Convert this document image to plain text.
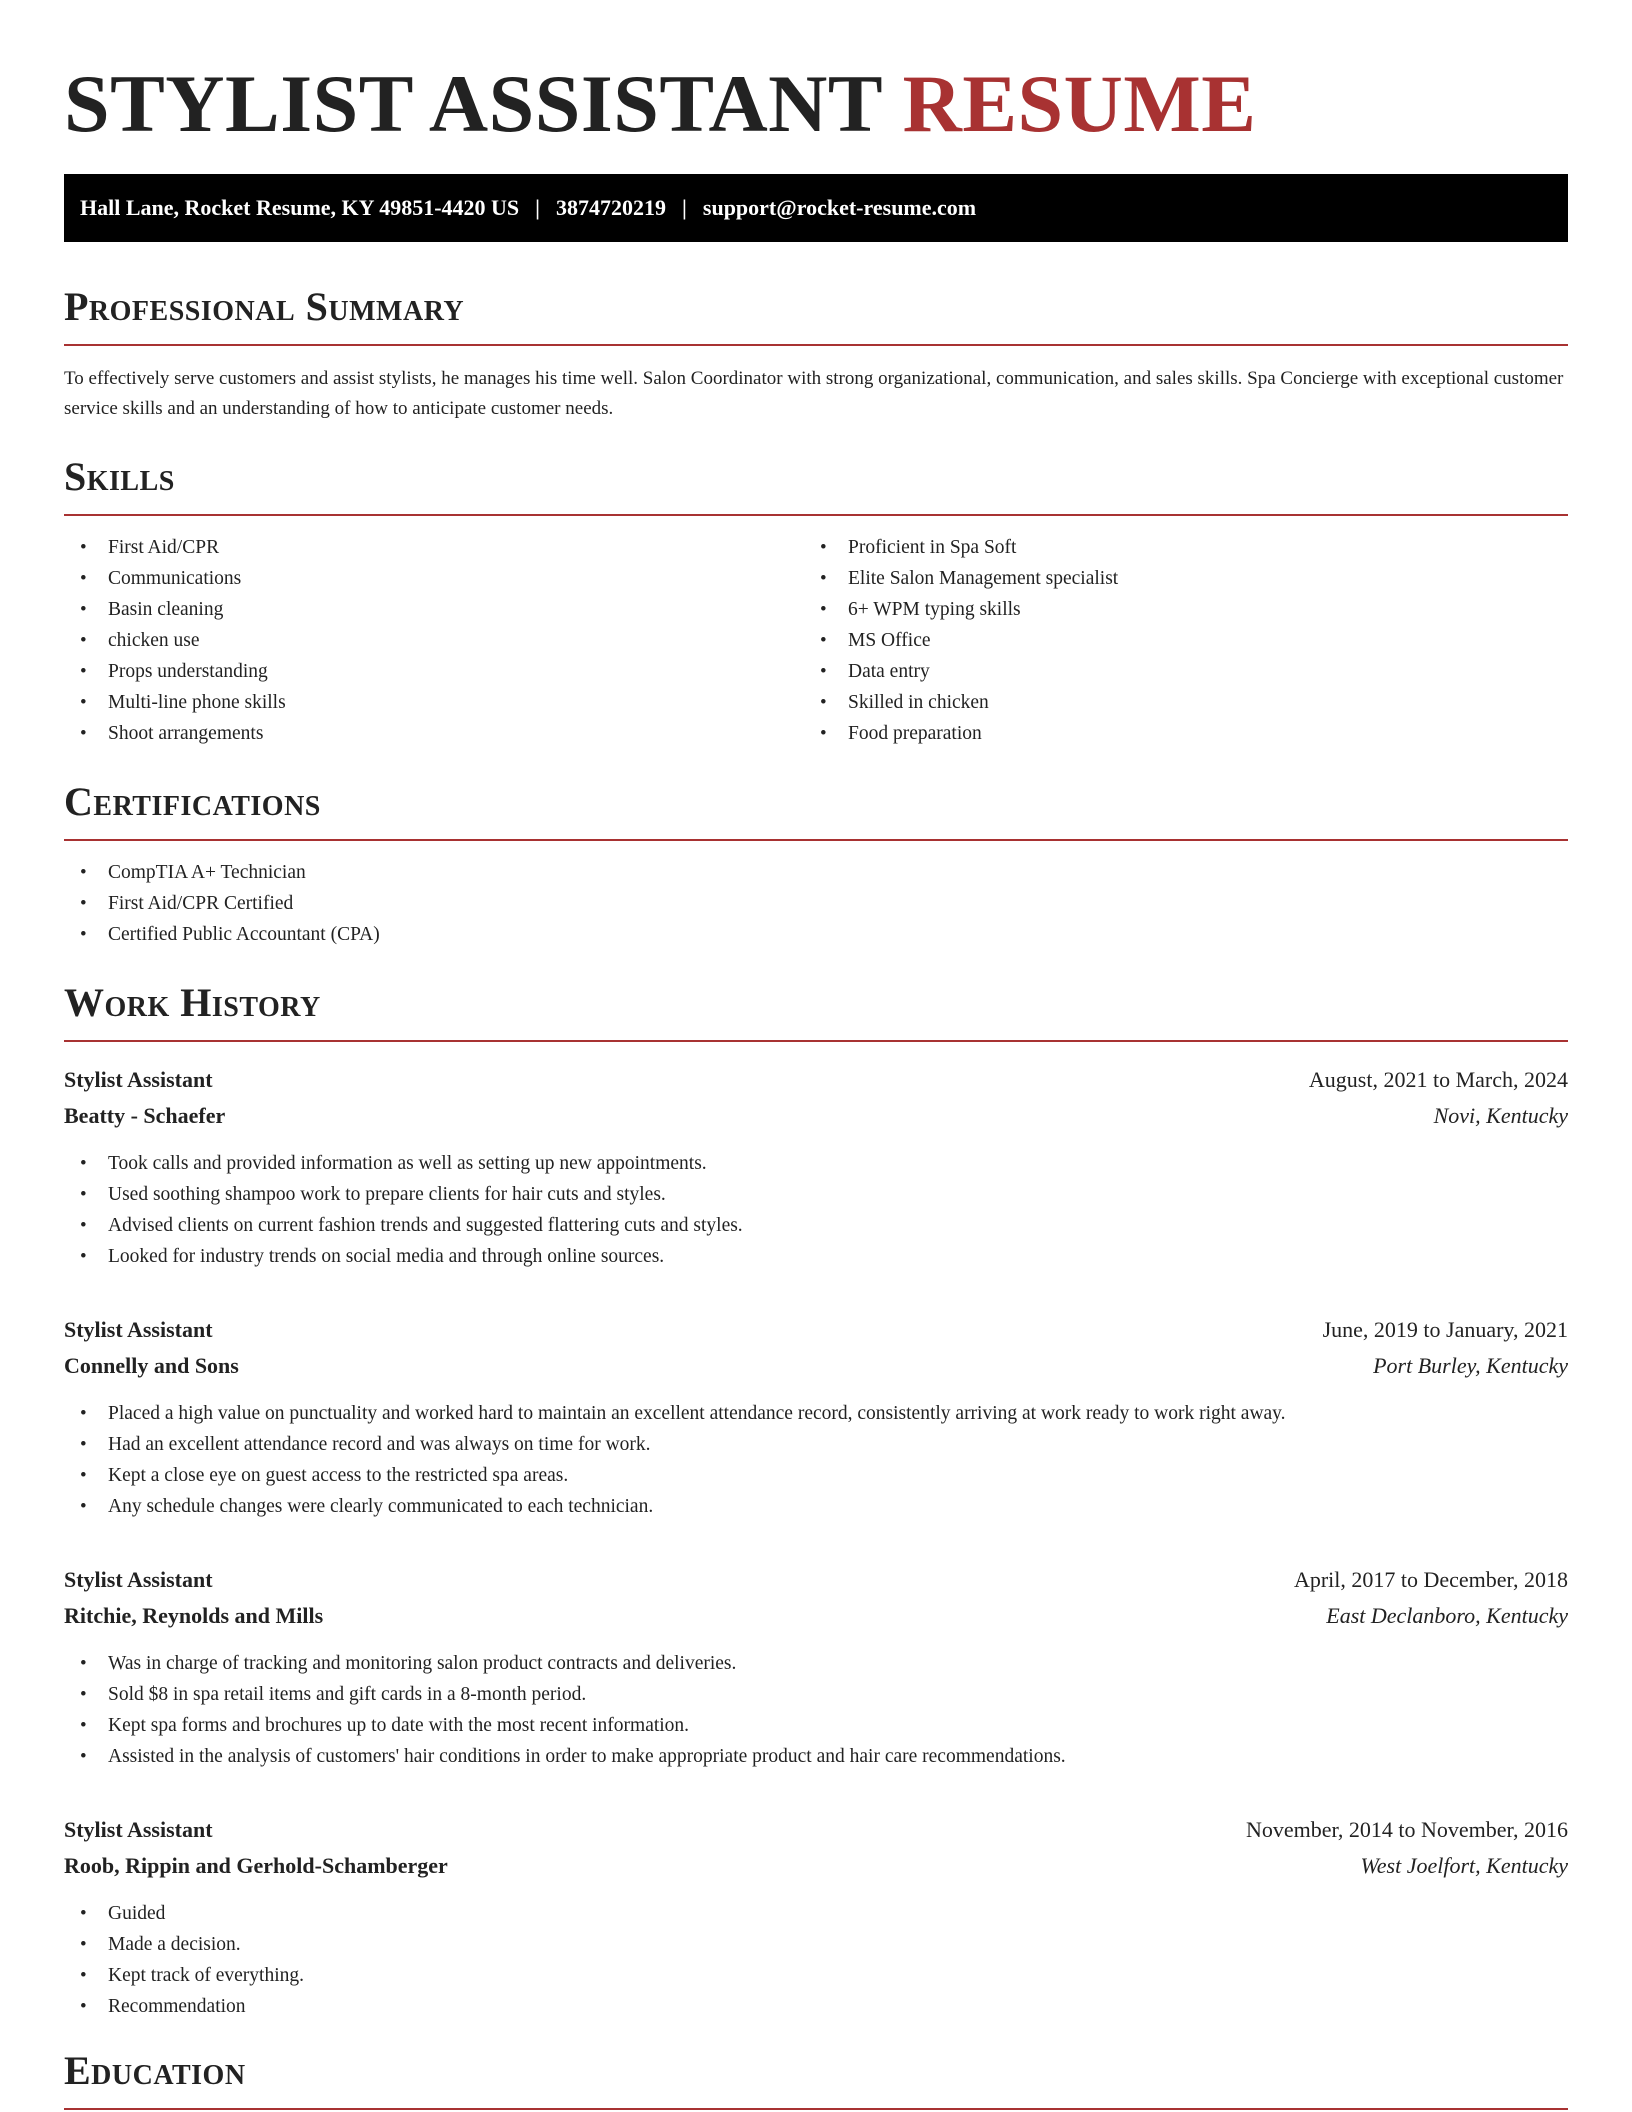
STYLIST ASSISTANT RESUME
Hall Lane, Rocket Resume, KY 49851-4420 US | 3874720219 | support@rocket-resume.com
Professional Summary

To effectively serve customers and assist stylists, he manages his time well. Salon Coordinator with strong organizational, communication, and sales skills. Spa Concierge with exceptional customer service skills and an understanding of how to anticipate customer needs.

Skills
• First Aid/CPR
• Communications
• Basin cleaning
• chicken use
• Props understanding
• Multi-line phone skills
• Shoot arrangements
• Proficient in Spa Soft
• Elite Salon Management specialist
• 6+ WPM typing skills
• MS Office
• Data entry
• Skilled in chicken
• Food preparation
Certifications
• CompTIA A+ Technician
• First Aid/CPR Certified
• Certified Public Accountant (CPA)
Work History
Stylist Assistant	August, 2021 to March, 2024
Beatty - Schaefer	Novi, Kentucky
• Took calls and provided information as well as setting up new appointments.
• Used soothing shampoo work to prepare clients for hair cuts and styles.
• Advised clients on current fashion trends and suggested flattering cuts and styles.
• Looked for industry trends on social media and through online sources.
Stylist Assistant	June, 2019 to January, 2021
Connelly and Sons	Port Burley, Kentucky
• Placed a high value on punctuality and worked hard to maintain an excellent attendance record, consistently arriving at work ready to work right away.
• Had an excellent attendance record and was always on time for work.
• Kept a close eye on guest access to the restricted spa areas.
• Any schedule changes were clearly communicated to each technician.
Stylist Assistant	April, 2017 to December, 2018
Ritchie, Reynolds and Mills	East Declanboro, Kentucky
• Was in charge of tracking and monitoring salon product contracts and deliveries.
• Sold $8 in spa retail items and gift cards in a 8-month period.
• Kept spa forms and brochures up to date with the most recent information.
• Assisted in the analysis of customers' hair conditions in order to make appropriate product and hair care recommendations.
Stylist Assistant	November, 2014 to November, 2016
Roob, Rippin and Gerhold-Schamberger	West Joelfort, Kentucky
• Guided
• Made a decision.
• Kept track of everything.
• Recommendation
Education
